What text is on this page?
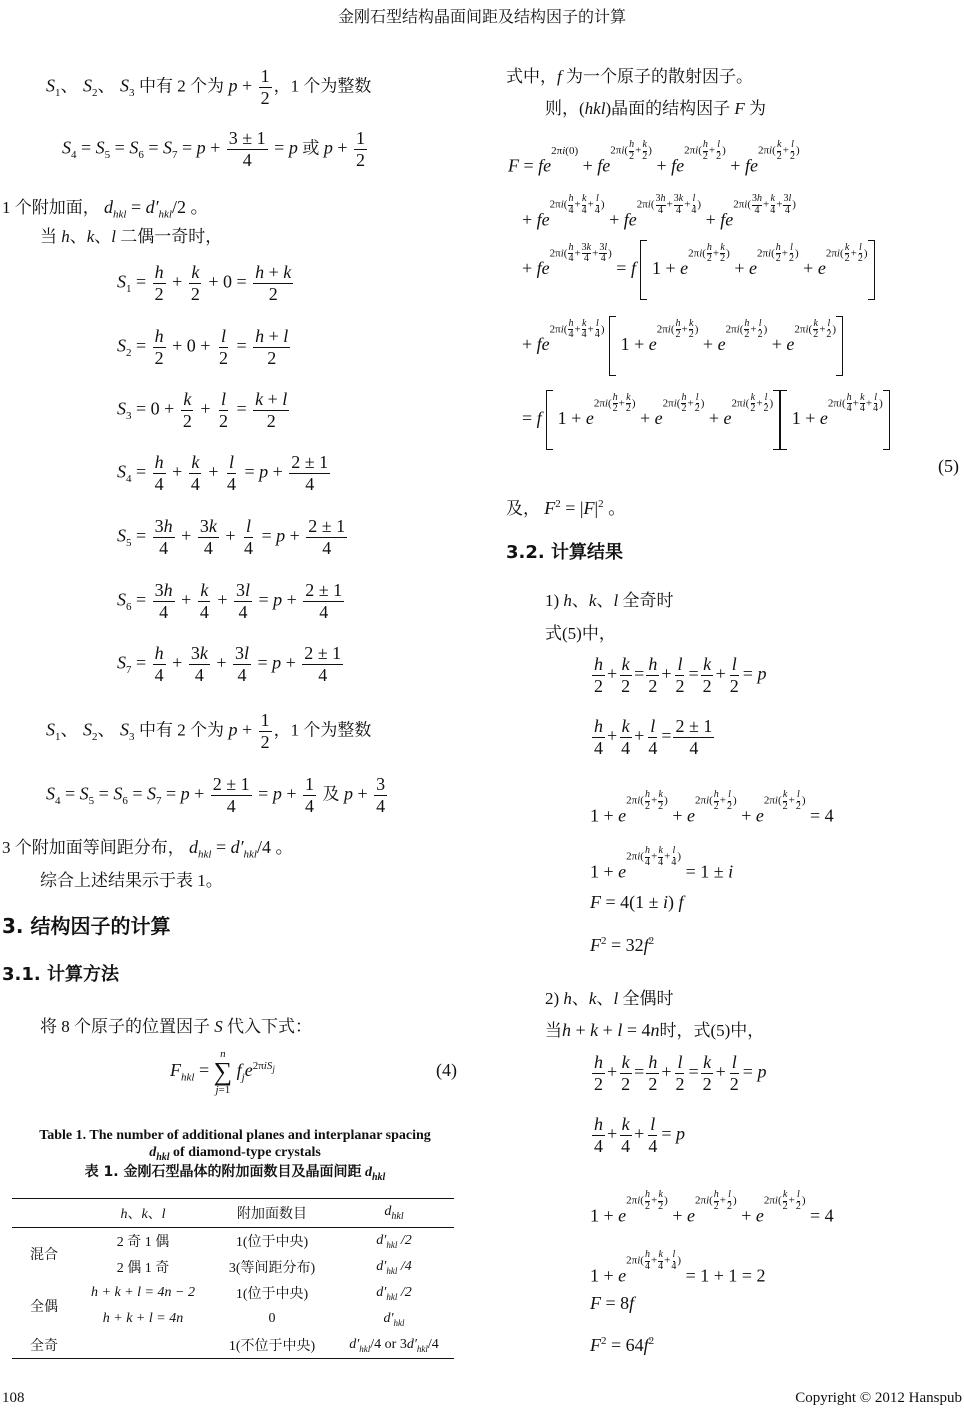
金刚石型结构晶面间距及结构因子的计算
$S_1$、 $S_2$、 $S_3$ 中有 2 个为 $p + \frac{1}{2}$ ，1 个为整数
$S_4 = S_5 = S_6 = S_7 = p + \frac{3 \pm 1}{4} = p$ 或 $p + \frac{1}{2}$
1 个附加面， $d_{hkl} = d'_{hkl}/2$ 。
当 h、k、l 二偶一奇时，
$S_1 = \frac{h}{2} + \frac{k}{2} + 0 = \frac{h + k}{2}$
$S_2 = \frac{h}{2} + 0 + \frac{l}{2} = \frac{h + l}{2}$
$S_3 = 0 + \frac{k}{2} + \frac{l}{2} = \frac{k + l}{2}$
$S_4 = \frac{h}{4} + \frac{k}{4} + \frac{l}{4} = p + \frac{2 \pm 1}{4}$
$S_5 = \frac{3h}{4} + \frac{3k}{4} + \frac{l}{4} = p + \frac{2 \pm 1}{4}$
$S_6 = \frac{3h}{4} + \frac{k}{4} + \frac{3l}{4} = p + \frac{2 \pm 1}{4}$
$S_7 = \frac{h}{4} + \frac{3k}{4} + \frac{3l}{4} = p + \frac{2 \pm 1}{4}$
$S_1$、 $S_2$、 $S_3$ 中有 2 个为 $p + \frac{1}{2}$ ，1 个为整数
$S_4 = S_5 = S_6 = S_7 = p + \frac{2 \pm 1}{4} = p + \frac{1}{4}$ 及 $p + \frac{3}{4}$
3 个附加面等间距分布， $d_{hkl} = d'_{hkl}/4$ 。
综合上述结果示于表 1。
3. 结构因子的计算
3.1. 计算方法
将 8 个原子的位置因子 S 代入下式：
$F_{hkl}$ =
n
∑
j=1
$f_je^{2\pi iS_j}$	(4)
Table 1. The number of additional planes and interplanar spacing
$d_{hkl}$ of diamond-type crystals
表 1. 金刚石型晶体的附加面数目及晶面间距 $d_{hkl}$
	h、k、l	附加面数目	$d_{hkl}$
混合	2 奇 1 偶	1(位于中央)	$d'_{hkl}$ /2
	2 偶 1 奇	3(等间距分布)	$d'_{hkl}$ /4
全偶	h + k + l = 4n − 2	1(位于中央)	$d'_{hkl}$ /2
	h + k + l = 4n	0	$d'_{hkl}$
全奇		1(不位于中央)	$d'_{hkl}/4$ or $3d'_{hkl}/4$
式中，f 为一个原子的散射因子。
则，(hkl)晶面的结构因子 F 为
$F = fe2\pi i(0) + fe2\pi i( \frac{h}{2} + \frac{k}{2}$ ) + $fe2\pi i( \frac{h}{2} + \frac{l}{2}$ ) + $fe2\pi i( \frac{k}{2} + \frac{l}{2}$ )
+ $fe2\pi i( \frac{h}{4} + \frac{k}{4} + \frac{l}{4}$ ) + $fe2\pi i( \frac{3h}{4} + \frac{3k}{4} + \frac{l}{4}$ ) + $fe2\pi i( \frac{3h}{4} + \frac{k}{4} + \frac{3l}{4}$ )
+ $fe2\pi i( \frac{h}{4} + \frac{3k}{4} + \frac{3l}{4}$ ) = f  $1 + e2\pi i( \frac{h}{2} + \frac{k}{2}$ ) + $e2\pi i( \frac{h}{2} + \frac{l}{2}$ ) + $e2\pi i( \frac{k}{2} + \frac{l}{2}$ )
+ $fe2\pi i( \frac{h}{4} + \frac{k}{4} + \frac{l}{4}$ )  $1 + e2\pi i( \frac{h}{2} + \frac{k}{2}$ ) + $e2\pi i( \frac{h}{2} + \frac{l}{2}$ ) + $e2\pi i( \frac{k}{2} + \frac{l}{2}$ )
= f  $1 + e2\pi i( \frac{h}{2} + \frac{k}{2}$ ) + $e2\pi i( \frac{h}{2} + \frac{l}{2}$ ) + $e2\pi i( \frac{k}{2} + \frac{l}{2}$ ) $1 + e2\pi i( \frac{h}{4} + \frac{k}{4} + \frac{l}{4}$ )
(5)
及， $F^2 = |F|^2$ 。
3.2. 计算结果
1) h、k、l 全奇时
式(5)中，
$\frac{h}{2} + \frac{k}{2} = \frac{h}{2} + \frac{l}{2} = \frac{k}{2} + \frac{l}{2} = p$
$\frac{h}{4} + \frac{k}{4} + \frac{l}{4} = \frac{2 \pm 1}{4}$
$1 + e2\pi i( \frac{h}{2} + \frac{k}{2}$ ) + $e2\pi i( \frac{h}{2} + \frac{l}{2}$ ) + $e2\pi i( \frac{k}{2} + \frac{l}{2}$ ) = 4
$1 + e2\pi i( \frac{h}{4} + \frac{k}{4} + \frac{l}{4}$ ) = 1 ± i
F = 4(1 ± i) f
$F^2 = 32f^2$
2) h、k、l 全偶时
当h + k + l = 4n时，式(5)中，
$\frac{h}{2} + \frac{k}{2} = \frac{h}{2} + \frac{l}{2} = \frac{k}{2} + \frac{l}{2} = p$
$\frac{h}{4} + \frac{k}{4} + \frac{l}{4} = p$
$1 + e2\pi i( \frac{h}{2} + \frac{k}{2}$ ) + $e2\pi i( \frac{h}{2} + \frac{l}{2}$ ) + $e2\pi i( \frac{k}{2} + \frac{l}{2}$ ) = 4
$1 + e2\pi i( \frac{h}{4} + \frac{k}{4} + \frac{l}{4}$ ) = 1 + 1 = 2
F = 8f
$F^2 = 64f^2$
108	Copyright © 2012 Hanspub
